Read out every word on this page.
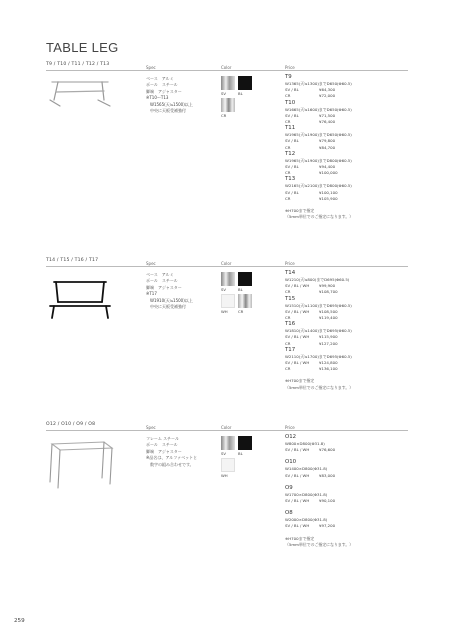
TABLE LEG
T9 / T10 / T11 / T12 / T13
Spec	Color	Price
ベース　アルミ
ポール　スチール
脚端　アジャスター
※T10〜T13
　W1565(天≒1500)以上
　中央に天板受補強付
SV	BL
CR
T9
W1365(天≒1300)までD650(Φ60.5)
SV / BL	¥64,300
CR	¥72,000
T10
W1665(天≒1600)までD650(Φ60.5)
SV / BL	¥71,500
CR	¥76,400
T11
W1965(天≒1900)までD650(Φ60.5)
SV / BL	¥79,800
CR	¥84,700
T12
W1965(天≒1900)までD800(Φ60.5)
SV / BL	¥94,400
CR	¥100,000
T13
W2165(天≒2100)までD800(Φ60.5)
SV / BL	¥100,100
CR	¥105,900
※H700まで指定
（5mm単位でのご指定になります。）
T14 / T15 / T16 / T17
Spec	Color	Price
ベース　アルミ
ポール　スチール
脚端　アジャスター
※T17
　W1910(天≒1500)以上
　中央に天板受補強付
SV	BL
WH	CR
T14
W1210(天≒800)までD695(Φ60.5)
SV / BL / WH	¥99,900
CR	¥108,700
T15
W1510(天≒1100)までD695(Φ60.5)
SV / BL / WH	¥108,500
CR	¥119,400
T16
W1810(天≒1400)までD695(Φ60.5)
SV / BL / WH	¥115,900
CR	¥127,200
T17
W2110(天≒1700)までD695(Φ60.5)
SV / BL / WH	¥124,800
CR	¥136,100
※H700まで指定
（5mm単位でのご指定になります。）
O12 / O10 / O9 / O8
Spec	Color	Price
フレーム スチール
ポール　スチール
脚端　アジャスター
※品名は、アルファベットと
　数字の組み合わせです。
SV	BL
WH
O12
W800×D800(Φ31.8)
SV / BL / WH	¥76,600
O10
W1400×D800(Φ31.8)
SV / BL / WH	¥83,000
O9
W1700×D800(Φ31.8)
SV / BL / WH	¥90,100
O8
W2000×D800(Φ31.8)
SV / BL / WH	¥97,200
※H700まで指定
（5mm単位でのご指定になります。）
259
